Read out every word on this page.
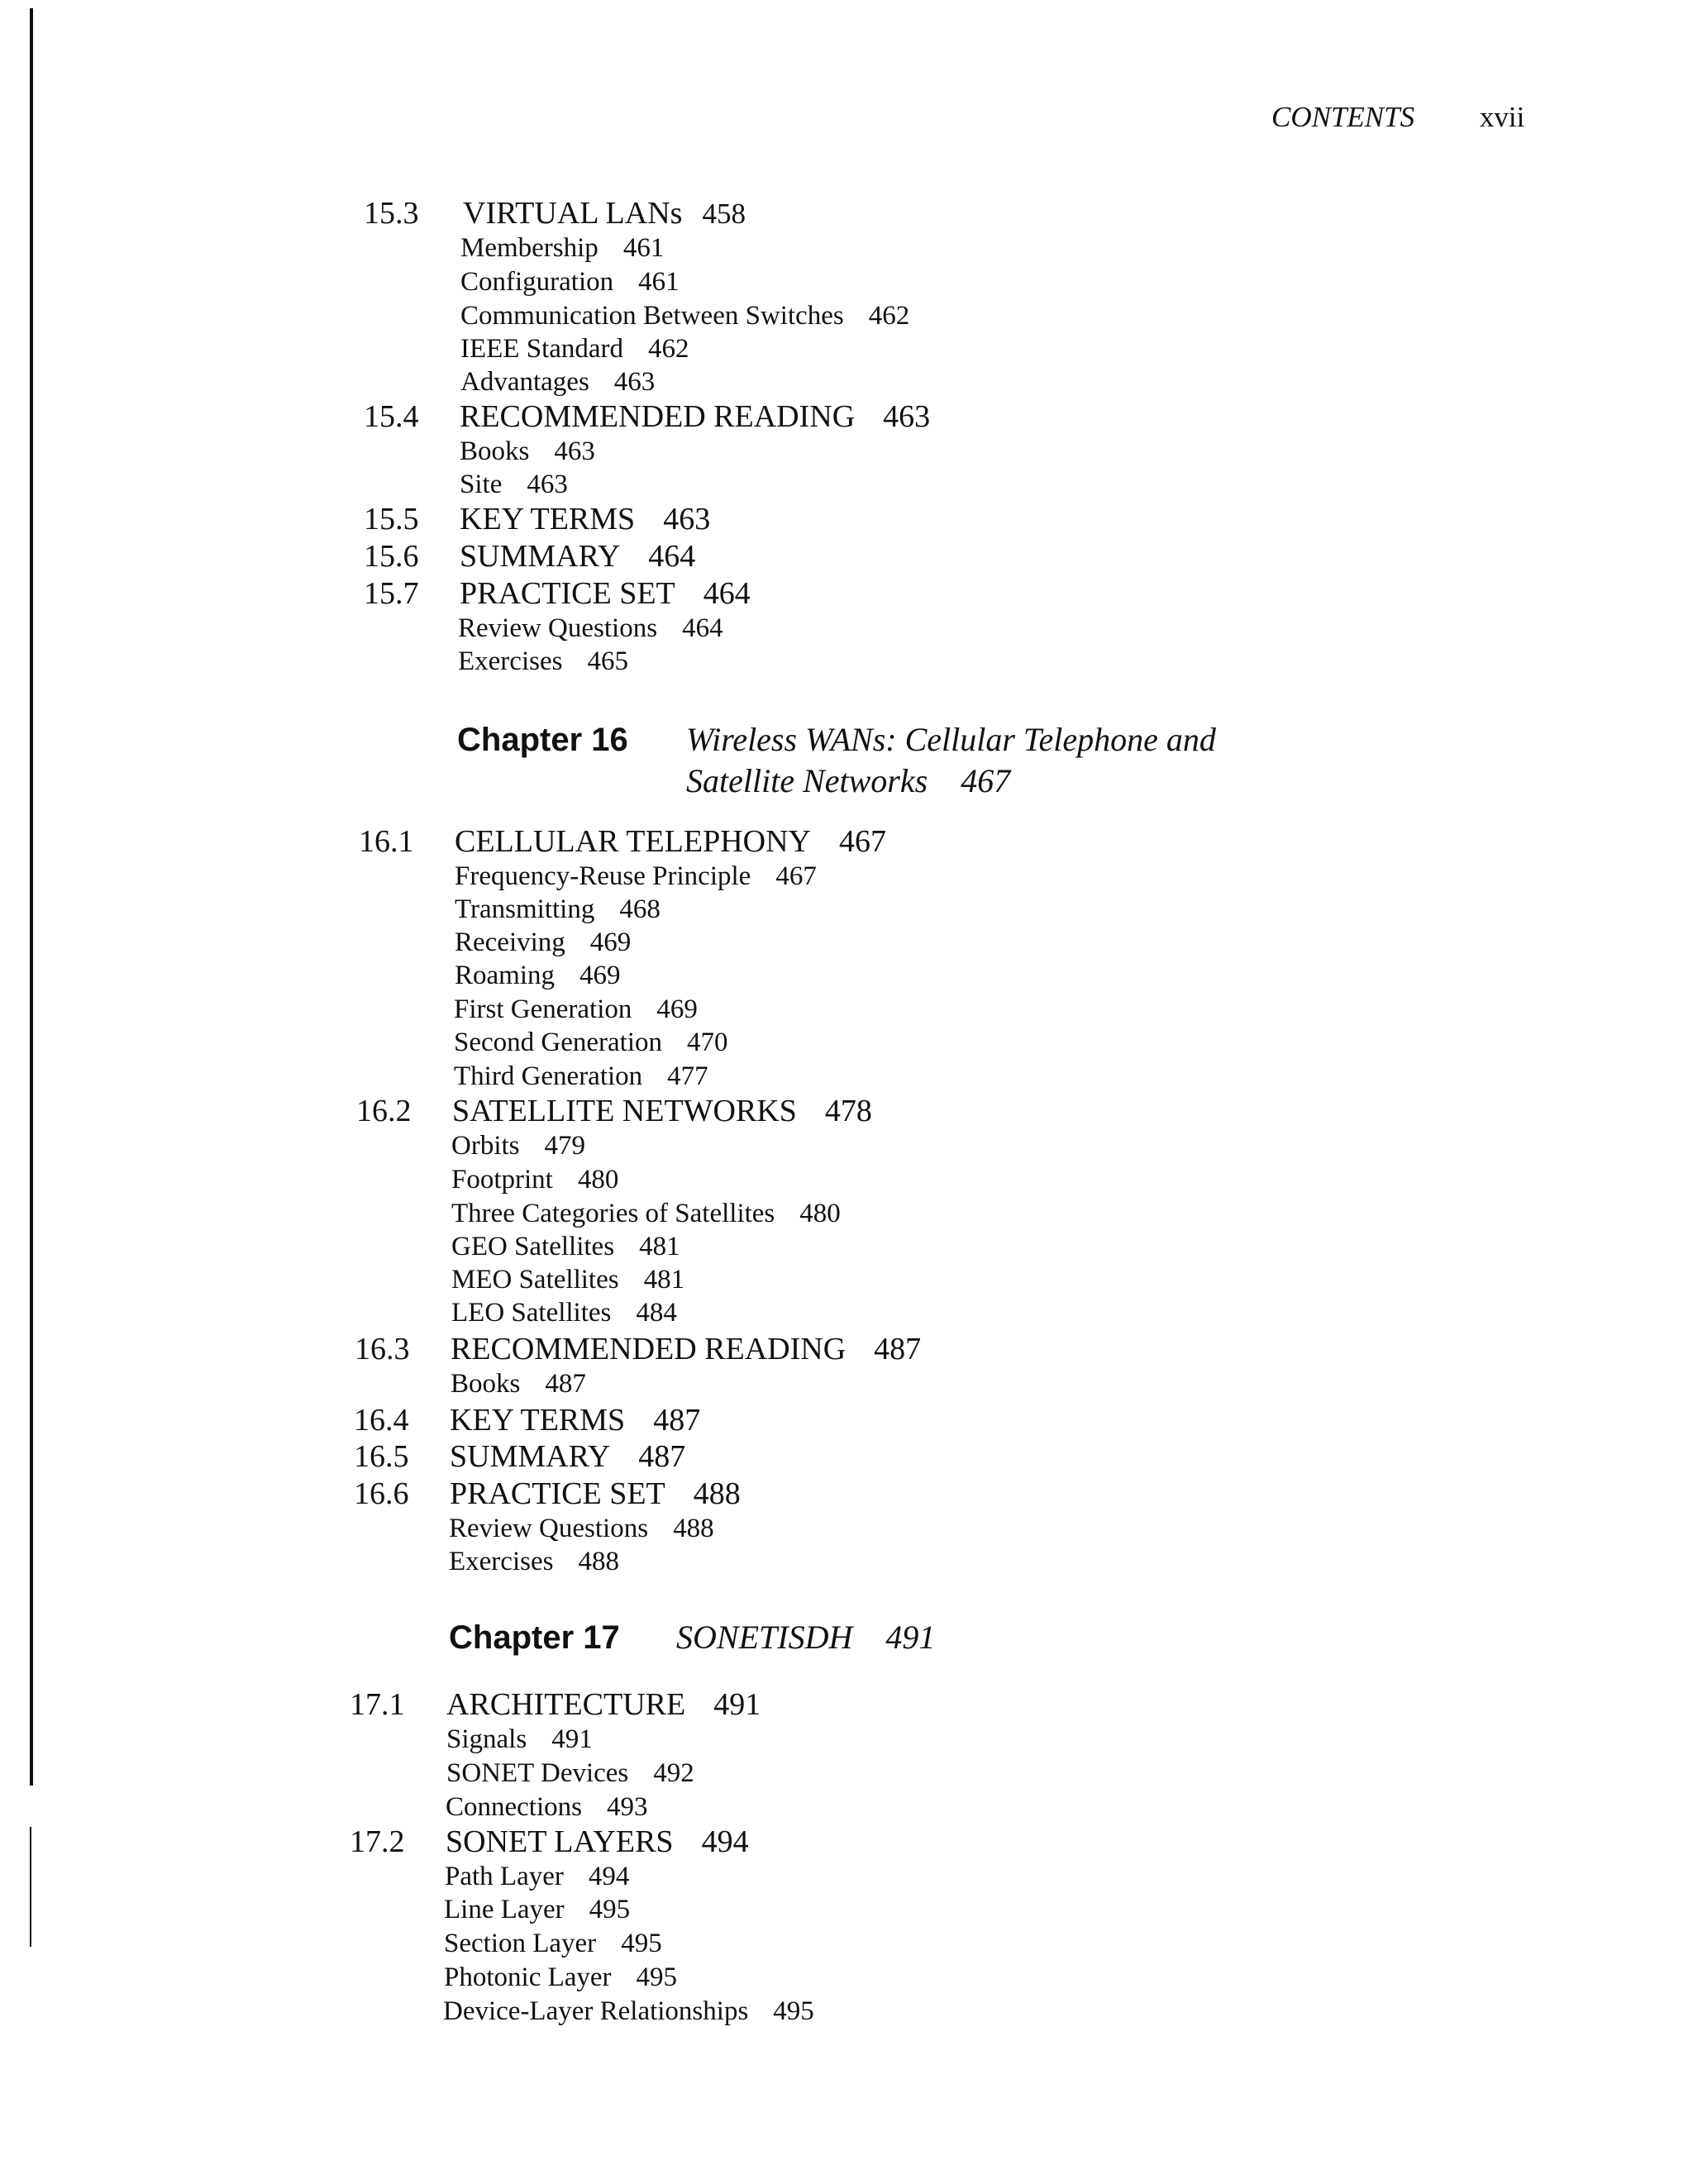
CONTENTS xvii
15.3 VIRTUAL LANs 458
Membership 461
Configuration 461
Communication Between Switches 462
IEEE Standard 462
Advantages 463
15.4 RECOMMENDED READING 463
Books 463
Site 463
15.5 KEY TERMS 463
15.6 SUMMARY 464
15.7 PRACTICE SET 464
Review Questions 464
Exercises 465
Chapter 16 Wireless WANs: Cellular Telephone and
Satellite Networks 467
16.1 CELLULAR TELEPHONY 467
Frequency-Reuse Principle 467
Transmitting 468
Receiving 469
Roaming 469
First Generation 469
Second Generation 470
Third Generation 477
16.2 SATELLITE NETWORKS 478
Orbits 479
Footprint 480
Three Categories of Satellites 480
GEO Satellites 481
MEO Satellites 481
LEO Satellites 484
16.3 RECOMMENDED READING 487
Books 487
16.4 KEY TERMS 487
16.5 SUMMARY 487
16.6 PRACTICE SET 488
Review Questions 488
Exercises 488
Chapter 17 SONETISDH 491
17.1 ARCHITECTURE 491
Signals 491
SONET Devices 492
Connections 493
17.2 SONET LAYERS 494
Path Layer 494
Line Layer 495
Section Layer 495
Photonic Layer 495
Device-Layer Relationships 495
